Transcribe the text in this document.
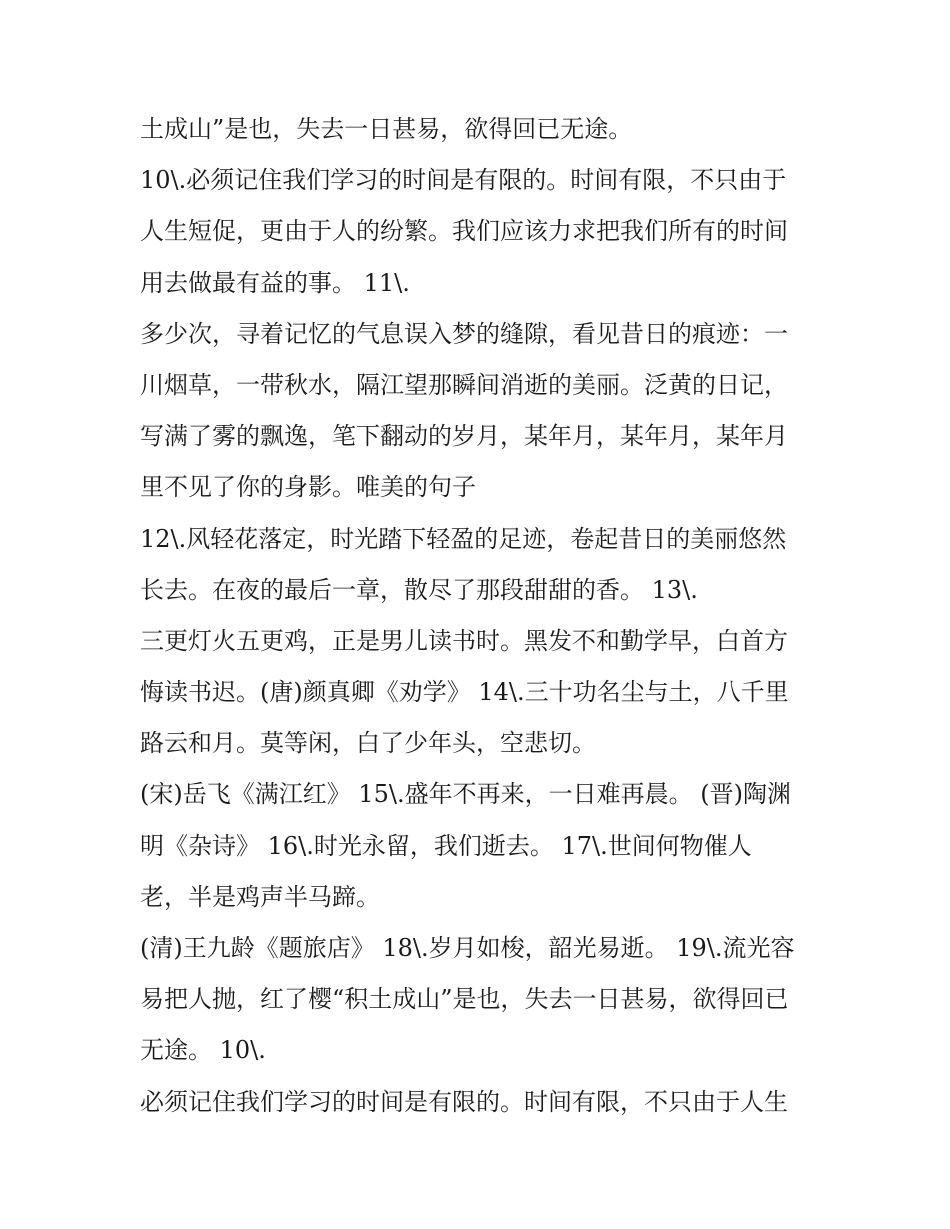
土成山”是也，失去一日甚易，欲得回已无途。
10\.必须记住我们学习的时间是有限的。时间有限，不只由于
人生短促，更由于人的纷繁。我们应该力求把我们所有的时间
用去做最有益的事。 11\.
多少次，寻着记忆的气息误入梦的缝隙，看见昔日的痕迹：一
川烟草，一带秋水，隔江望那瞬间消逝的美丽。泛黄的日记，
写满了雾的飘逸，笔下翻动的岁月，某年月，某年月，某年月
里不见了你的身影。唯美的句子
12\.风轻花落定，时光踏下轻盈的足迹，卷起昔日的美丽悠然
长去。在夜的最后一章，散尽了那段甜甜的香。 13\.
三更灯火五更鸡，正是男儿读书时。黑发不和勤学早，白首方
悔读书迟。(唐)颜真卿《劝学》 14\.三十功名尘与土，八千里
路云和月。莫等闲，白了少年头，空悲切。
(宋)岳飞《满江红》 15\.盛年不再来，一日难再晨。 (晋)陶渊
明《杂诗》 16\.时光永留，我们逝去。 17\.世间何物催人
老，半是鸡声半马蹄。
(清)王九龄《题旅店》 18\.岁月如梭，韶光易逝。 19\.流光容
易把人抛，红了樱“积土成山”是也，失去一日甚易，欲得回已
无途。 10\.
必须记住我们学习的时间是有限的。时间有限，不只由于人生
